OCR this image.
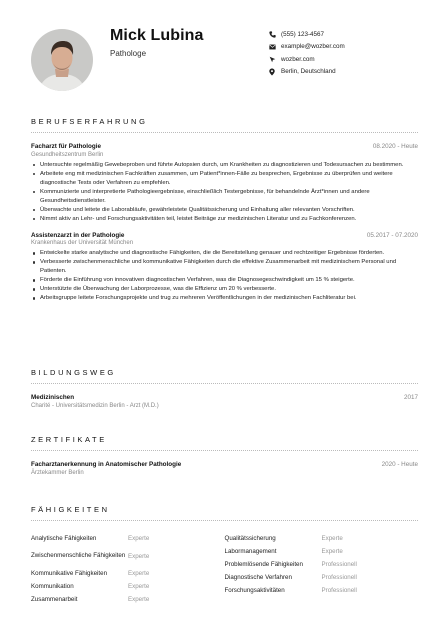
Mick Lubina
Pathologe
(555) 123-4567
example@wozber.com
wozber.com
Berlin, Deutschland
BERUFSERFAHRUNG
Facharzt für Pathologie	08.2020 - Heute
Gesundheitszentrum Berlin
Untersuchte regelmäßig Gewebeproben und führte Autopsien durch, um Krankheiten zu diagnostizieren und Todesursachen zu bestimmen.
Arbeitete eng mit medizinischen Fachkräften zusammen, um Patient*innen-Fälle zu besprechen, Ergebnisse zu überprüfen und weitere diagnostische Tests oder Verfahren zu empfehlen.
Kommunizierte und interpretierte Pathologieergebnisse, einschließlich Testergebnisse, für behandelnde Ärzt*innen und andere Gesundheitsdienstleister.
Überwachte und leitete die Laborabläufe, gewährleistete Qualitätssicherung und Einhaltung aller relevanten Vorschriften.
Nimmt aktiv an Lehr- und Forschungsaktivitäten teil, leistet Beiträge zur medizinischen Literatur und zu Fachkonferenzen.
Assistenzarzt in der Pathologie	05.2017 - 07.2020
Krankenhaus der Universität München
Entwickelte starke analytische und diagnostische Fähigkeiten, die die Bereitstellung genauer und rechtzeitiger Ergebnisse förderten.
Verbesserte zwischenmenschliche und kommunikative Fähigkeiten durch die effektive Zusammenarbeit mit medizinischem Personal und Patienten.
Förderte die Einführung von innovativen diagnostischen Verfahren, was die Diagnosegeschwindigkeit um 15 % steigerte.
Unterstützte die Überwachung der Laborprozesse, was die Effizienz um 20 % verbesserte.
Arbeitsgruppe leitete Forschungsprojekte und trug zu mehreren Veröffentlichungen in der medizinischen Fachliteratur bei.
BILDUNGSWEG
Medizinischen	2017
Charité - Universitätsmedizin Berlin - Arzt (M.D.)
ZERTIFIKATE
Facharztanerkennung in Anatomischer Pathologie	2020 - Heute
Ärztekammer Berlin
FÄHIGKEITEN
Analytische Fähigkeiten	Experte
Zwischenmenschliche Fähigkeiten Experte
Kommunikative Fähigkeiten	Experte
Kommunikation	Experte
Zusammenarbeit	Experte
Qualitätssicherung	Experte
Labormanagement	Experte
Problemlösende Fähigkeiten	Professionell
Diagnostische Verfahren	Professionell
Forschungsaktivitäten	Professionell
